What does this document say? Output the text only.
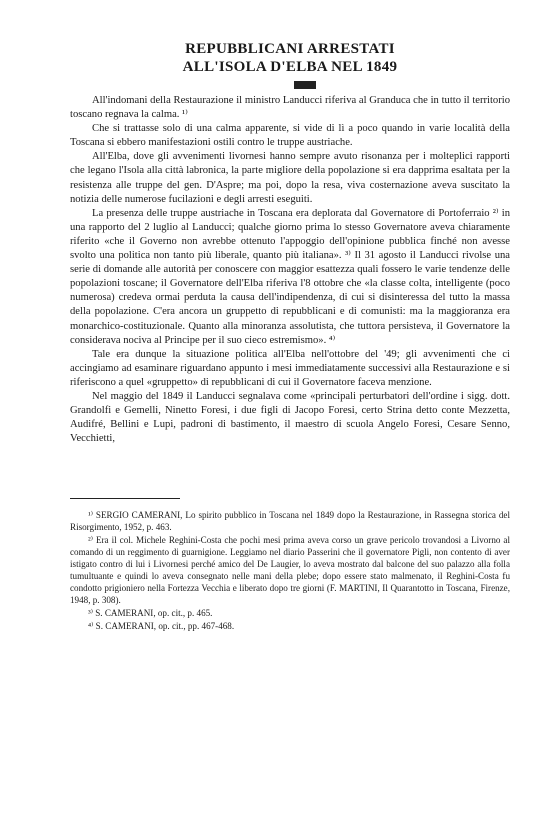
REPUBBLICANI ARRESTATI
ALL'ISOLA D'ELBA NEL 1849

All'indomani della Restaurazione il ministro Landucci riferiva al Granduca che in tutto il territorio toscano regnava la calma. ¹⁾

Che si trattasse solo di una calma apparente, si vide di lì a poco quando in varie località della Toscana si ebbero manifestazioni ostili contro le truppe austriache.

All'Elba, dove gli avvenimenti livornesi hanno sempre avuto risonanza per i molteplici rapporti che legano l'Isola alla città labronica, la parte migliore della popolazione si era dapprima esaltata per la resistenza alle truppe del gen. D'Aspre; ma poi, dopo la resa, viva costernazione aveva suscitato la notizia delle numerose fucilazioni e degli arresti eseguiti.

La presenza delle truppe austriache in Toscana era deplorata dal Governatore di Portoferraio ²⁾ in una rapporto del 2 luglio al Landucci; qualche giorno prima lo stesso Governatore aveva chiaramente riferito «che il Governo non avrebbe ottenuto l'appoggio dell'opinione pubblica finché non avesse svolto una politica non tanto più liberale, quanto più italiana». ³⁾ Il 31 agosto il Landucci rivolse una serie di domande alle autorità per conoscere con maggior esattezza quali fossero le varie tendenze delle popolazioni toscane; il Governatore dell'Elba riferiva l'8 ottobre che «la classe colta, intelligente (poco numerosa) credeva ormai perduta la causa dell'indipendenza, di cui si disinteressa del tutto la massa della popolazione. C'era ancora un gruppetto di repubblicani e di comunisti: ma la maggioranza era monarchico-costituzionale. Quanto alla minoranza assolutista, che tuttora persisteva, il Governatore la considerava nociva al Principe per il suo cieco estremismo». ⁴⁾

Tale era dunque la situazione politica all'Elba nell'ottobre del '49; gli avvenimenti che ci accingiamo ad esaminare riguardano appunto i mesi immediatamente successivi alla Restaurazione e si riferiscono a quel «gruppetto» di repubblicani di cui il Governatore faceva menzione.

Nel maggio del 1849 il Landucci segnalava come «principali perturbatori dell'ordine i sigg. dott. Grandolfi e Gemelli, Ninetto Foresi, i due figli di Jacopo Foresi, certo Strina detto conte Mezzetta, Audifré, Bellini e Lupi, padroni di bastimento, il maestro di scuola Angelo Foresi, Cesare Senno, Vecchietti,

¹⁾ SERGIO CAMERANI, Lo spirito pubblico in Toscana nel 1849 dopo la Restaurazione, in Rassegna storica del Risorgimento, 1952, p. 463.

²⁾ Era il col. Michele Reghini-Costa che pochi mesi prima aveva corso un grave pericolo trovandosi a Livorno al comando di un reggimento di guarnigione. Leggiamo nel diario Passerini che il governatore Pigli, non contento di aver istigato contro di lui i Livornesi perché amico del De Laugier, lo aveva mostrato dal balcone del suo palazzo alla folla tumultuante e quindi lo aveva consegnato nelle mani della plebe; dopo essere stato malmenato, il Reghini-Costa fu condotto prigioniero nella Fortezza Vecchia e liberato dopo tre giorni (F. MARTINI, Il Quarantotto in Toscana, Firenze, 1948, p. 308).

³⁾ S. CAMERANI, op. cit., p. 465.

⁴⁾ S. CAMERANI, op. cit., pp. 467-468.
